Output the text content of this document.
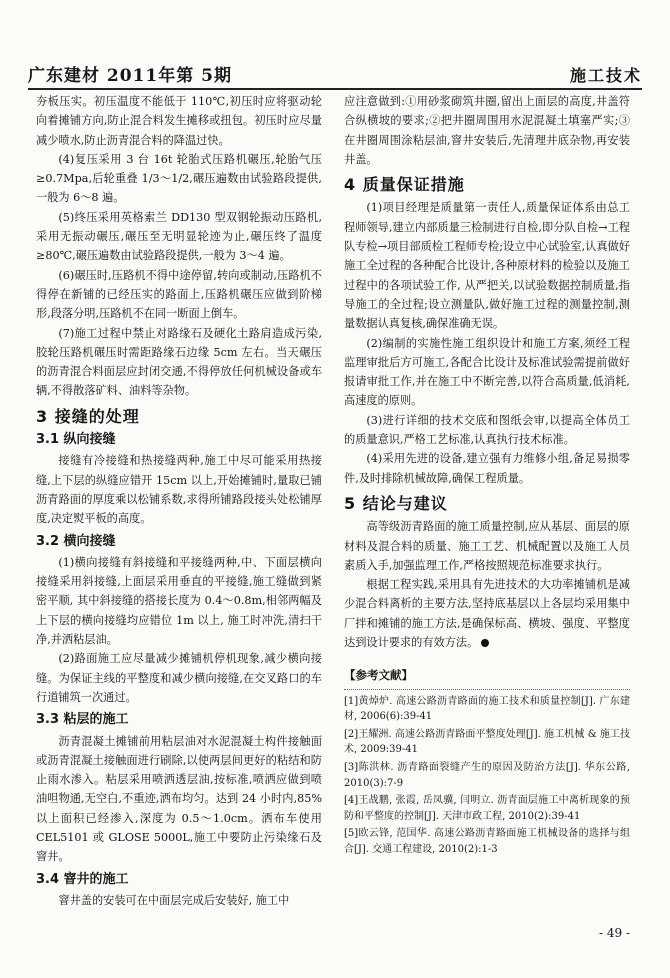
广东建材 2011年第 5期	施工技术

夯板压实。初压温度不能低于 110℃,初压时应将驱动轮向着摊铺方向,防止混合料发生摊移或扭包。初压时应尽量减少喷水,防止沥青混合料的降温过快。

(4)复压采用 3 台 16t 轮胎式压路机碾压,轮胎气压≥0.7Mpa,后轮重叠 1/3～1/2,碾压遍数由试验路段提供,一般为 6～8 遍。

(5)终压采用英格索兰 DD130 型双钢轮振动压路机,采用无振动碾压,碾压至无明显轮迹为止,碾压终了温度≥80℃,碾压遍数由试验路段提供,一般为 3～4 遍。

(6)碾压时,压路机不得中途停留,转向或制动,压路机不得停在新铺的已经压实的路面上,压路机碾压应做到阶梯形,段落分明,压路机不在同一断面上倒车。

(7)施工过程中禁止对路缘石及硬化土路肩造成污染,胶轮压路机碾压时需距路缘石边缘 5cm 左右。当天碾压的沥青混合料面层应封闭交通,不得停放任何机械设备或车辆,不得散落矿料、油料等杂物。

3 接缝的处理
3.1 纵向接缝

接缝有冷接缝和热接缝两种,施工中尽可能采用热接缝,上下层的纵缝应错开 15cm 以上,开始摊铺时,量取已铺沥青路面的厚度乘以松铺系数,求得所铺路段接头处松铺厚度,决定熨平板的高度。

3.2 横向接缝

(1)横向接缝有斜接缝和平接缝两种,中、下面层横向接缝采用斜接缝,上面层采用垂直的平接缝,施工缝做到紧密平顺, 其中斜接缝的搭接长度为 0.4～0.8m,相邻两幅及上下层的横向接缝均应错位 1m 以上, 施工时冲洗,清扫干净,并洒粘层油。

(2)路面施工应尽量减少摊铺机停机现象,减少横向接缝。为保证主线的平整度和减少横向接缝,在交叉路口的车行道铺筑一次通过。

3.3 粘层的施工

沥青混凝土摊铺前用粘层油对水泥混凝土构件接触面或沥青混凝土接触面进行刷除,以使两层间更好的粘结和防止雨水渗入。粘层采用喷洒透层油,按标准,喷洒应做到喷油呾物通,无空白,不重迹,洒布均匀。达到 24 小时内,85%以上面积已经渗入,深度为 0.5～1.0cm。洒布车使用 CEL5101 或 GLOSE 5000L,施工中要防止污染缘石及窨井。

3.4 窨井的施工

窨井盖的安装可在中面层完成后安装好, 施工中

应注意做到:①用砂浆砌筑井圈,留出上面层的高度,井盖符合纵横坡的要求;②把井圈周围用水泥混凝土填塞严实;③在井圈周围涂粘层油,窨井安装后,先清理井底杂物,再安装井盖。

4 质量保证措施

(1)项目经理是质量第一责任人,质量保证体系由总工程师领导,建立内部质量三检制进行自检,即分队自检→工程队专检→项目部质检工程师专检;设立中心试验室,认真做好施工全过程的各种配合比设计,各种原材料的检验以及施工过程中的各项试验工作, 从严把关,以试验数据控制质量,指导施工的全过程;设立测量队,做好施工过程的测量控制,测量数据认真复核,确保准确无误。

(2)编制的实施性施工组织设计和施工方案,须经工程监理审批后方可施工,各配合比设计及标准试验需提前做好报请审批工作,并在施工中不断完善,以符合高质量,低消耗,高速度的原则。

(3)进行详细的技术交底和图纸会审,以提高全体员工的质量意识,严格工艺标准,认真执行技术标准。

(4)采用先进的设备,建立强有力维修小组,备足易损零件,及时排除机械故障,确保工程质量。

5 结论与建议

高等级沥青路面的施工质量控制,应从基层、面层的原材料及混合料的质量、施工工艺、机械配置以及施工人员素质入手,加强监理工作,严格按照规范标准要求执行。

根据工程实践,采用具有先进技术的大功率摊铺机是减少混合料离析的主要方法,坚持底基层以上各层均采用集中厂拌和摊铺的施工方法,是确保标高、横坡、强度、平整度达到设计要求的有效方法。

【参考文献】
[1]黄焯炉. 高速公路沥青路面的施工技术和质量控制[J]. 广东建材, 2006(6):39-41
[2]王耀洲. 高速公路沥青路面平整度处理[J]. 施工机械 & 施工技术, 2009:39-41
[3]陈洪林. 沥青路面裂缝产生的原因及防治方法[J]. 华东公路, 2010(3):7-9
[4]王战鹏, 张霞, 岳凤骥, 闫明立. 沥青面层施工中离析现象的预防和平整度的控制[J]. 天津市政工程, 2010(2):39-41
[5]欧云锋, 范国华. 高速公路沥青路面施工机械设备的选择与组合[J]. 交通工程建设, 2010(2):1-3
- 49 -
